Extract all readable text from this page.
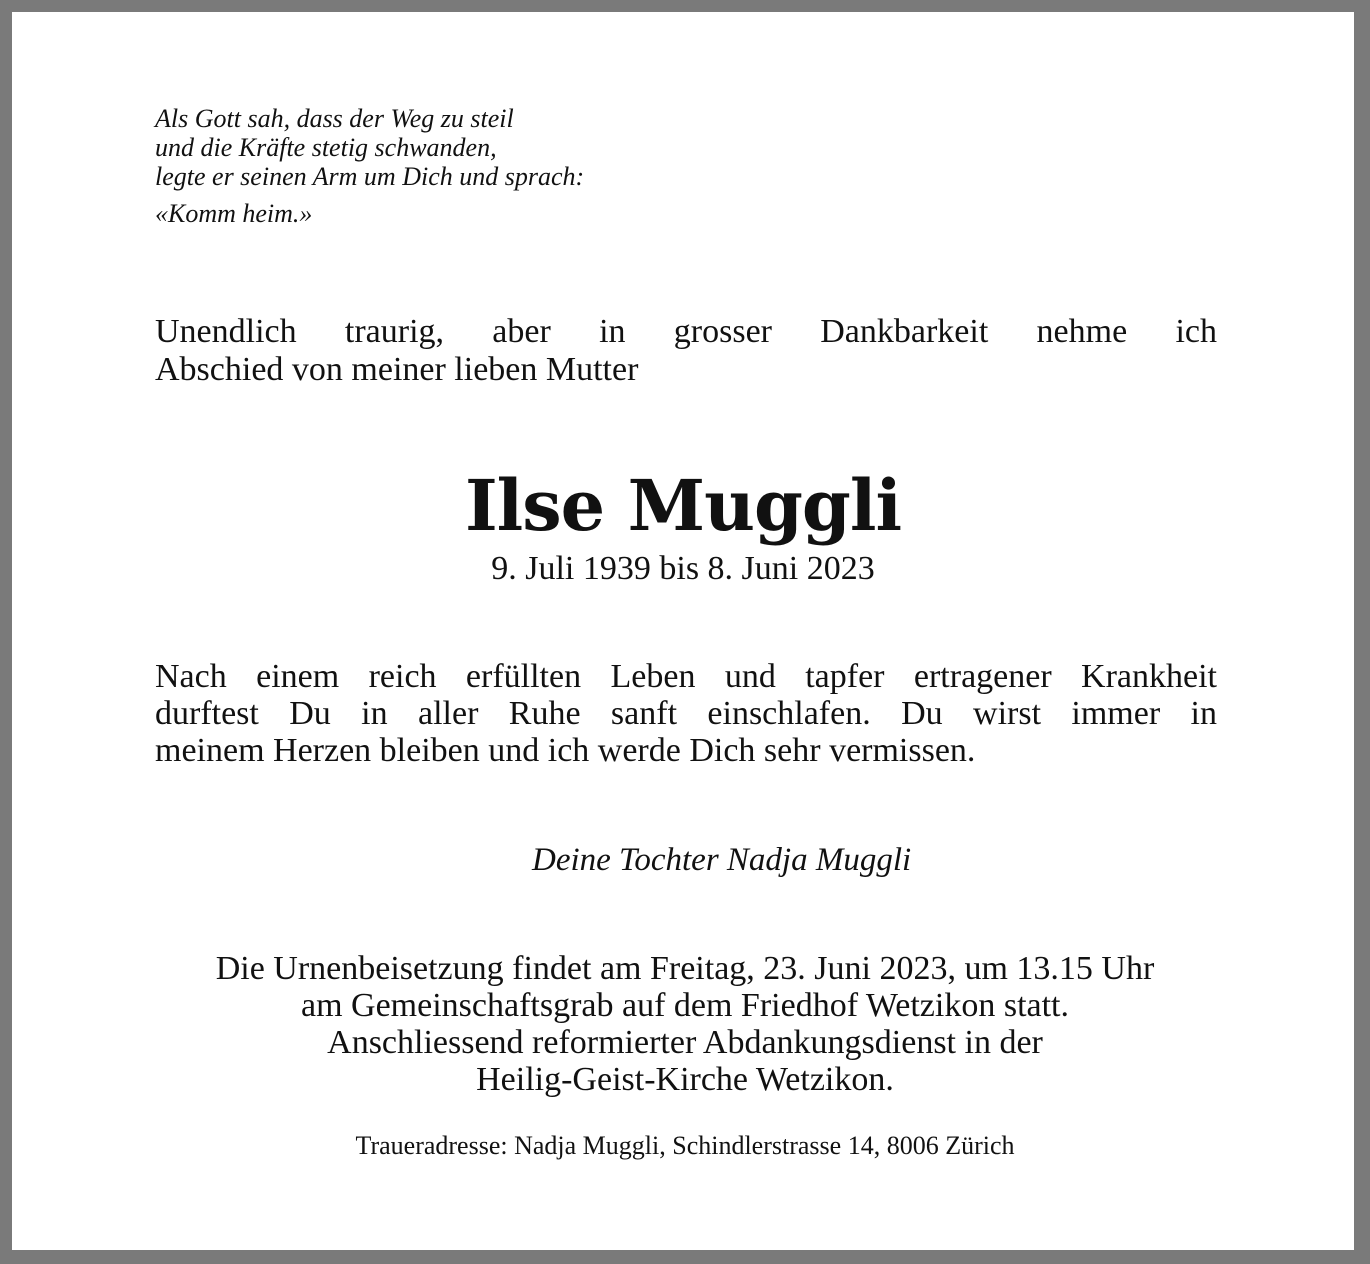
Als Gott sah, dass der Weg zu steil
und die Kräfte stetig schwanden,
legte er seinen Arm um Dich und sprach:
«Komm heim.»
Unendlich traurig, aber in grosser Dankbarkeit nehme ich
Abschied von meiner lieben Mutter
Ilse Muggli
9. Juli 1939 bis 8. Juni 2023
Nach einem reich erfüllten Leben und tapfer ertragener Krankheit
durftest Du in aller Ruhe sanft einschlafen. Du wirst immer in
meinem Herzen bleiben und ich werde Dich sehr vermissen.
Deine Tochter Nadja Muggli
Die Urnenbeisetzung findet am Freitag, 23. Juni 2023, um 13.15 Uhr
am Gemeinschaftsgrab auf dem Friedhof Wetzikon statt.
Anschliessend reformierter Abdankungsdienst in der
Heilig-Geist-Kirche Wetzikon.
Traueradresse: Nadja Muggli, Schindlerstrasse 14, 8006 Zürich
